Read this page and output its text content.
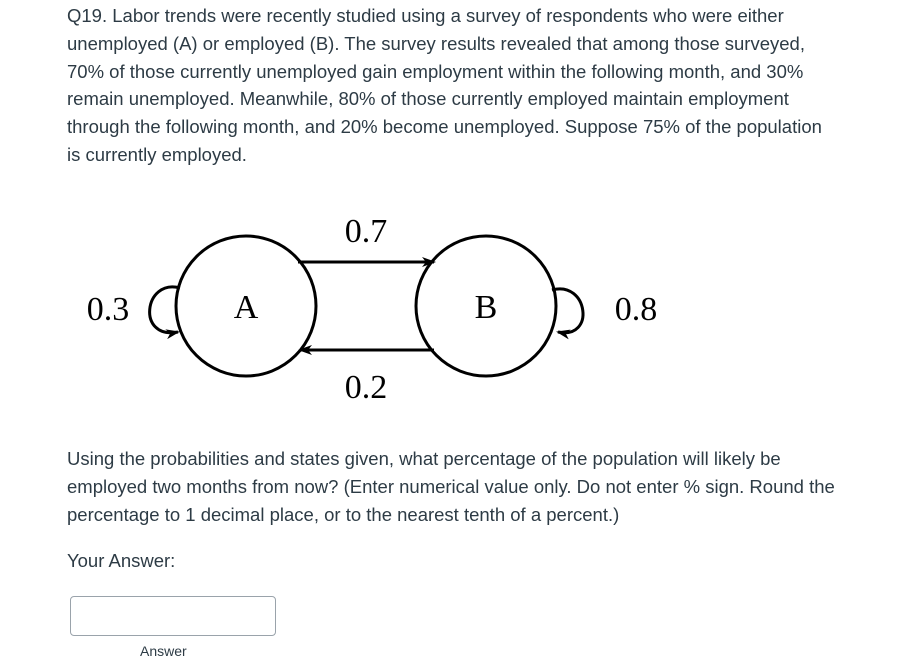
Q19. Labor trends were recently studied using a survey of respondents who were either unemployed (A) or employed (B). The survey results revealed that among those surveyed, 70% of those currently unemployed gain employment within the following month, and 30% remain unemployed. Meanwhile, 80% of those currently employed maintain employment through the following month, and 20% become unemployed. Suppose 75% of the population is currently employed.
A	B
0.7
0.2
0.3	0.8
Using the probabilities and states given, what percentage of the population will likely be employed two months from now? (Enter numerical value only. Do not enter % sign. Round the percentage to 1 decimal place, or to the nearest tenth of a percent.)
Your Answer:
Answer
